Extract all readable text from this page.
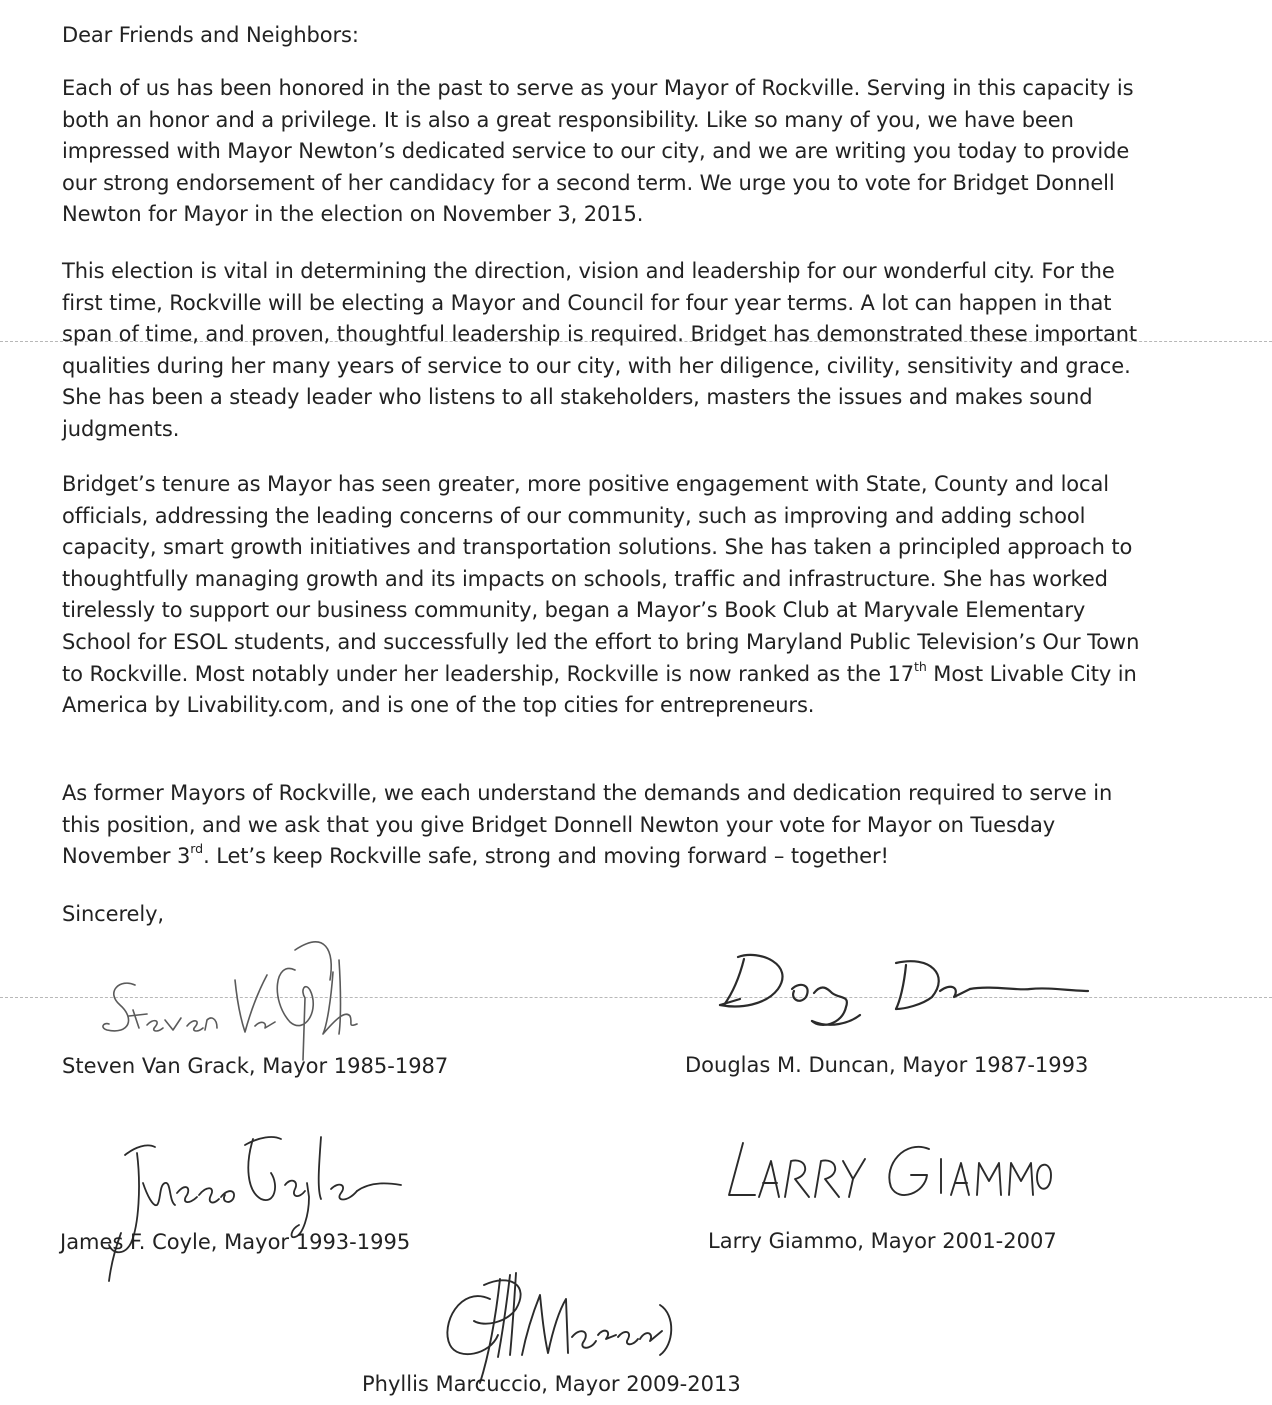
Dear Friends and Neighbors:
Each of us has been honored in the past to serve as your Mayor of Rockville. Serving in this capacity is both an honor and a privilege. It is also a great responsibility. Like so many of you, we have been impressed with Mayor Newton’s dedicated service to our city, and we are writing you today to provide our strong endorsement of her candidacy for a second term. We urge you to vote for Bridget Donnell Newton for Mayor in the election on November 3, 2015.
This election is vital in determining the direction, vision and leadership for our wonderful city. For the first time, Rockville will be electing a Mayor and Council for four year terms. A lot can happen in that span of time, and proven, thoughtful leadership is required. Bridget has demonstrated these important qualities during her many years of service to our city, with her diligence, civility, sensitivity and grace. She has been a steady leader who listens to all stakeholders, masters the issues and makes sound judgments.
Bridget’s tenure as Mayor has seen greater, more positive engagement with State, County and local officials, addressing the leading concerns of our community, such as improving and adding school capacity, smart growth initiatives and transportation solutions. She has taken a principled approach to thoughtfully managing growth and its impacts on schools, traffic and infrastructure. She has worked tirelessly to support our business community, began a Mayor’s Book Club at Maryvale Elementary School for ESOL students, and successfully led the effort to bring Maryland Public Television’s Our Town to Rockville. Most notably under her leadership, Rockville is now ranked as the 17th Most Livable City in America by Livability.com, and is one of the top cities for entrepreneurs.
As former Mayors of Rockville, we each understand the demands and dedication required to serve in this position, and we ask that you give Bridget Donnell Newton your vote for Mayor on Tuesday November 3rd. Let’s keep Rockville safe, strong and moving forward – together!
Sincerely,
Steven Van Grack, Mayor 1985-1987	Douglas M. Duncan, Mayor 1987-1993
James F. Coyle, Mayor 1993-1995	Larry Giammo, Mayor 2001-2007
Phyllis Marcuccio, Mayor 2009-2013
